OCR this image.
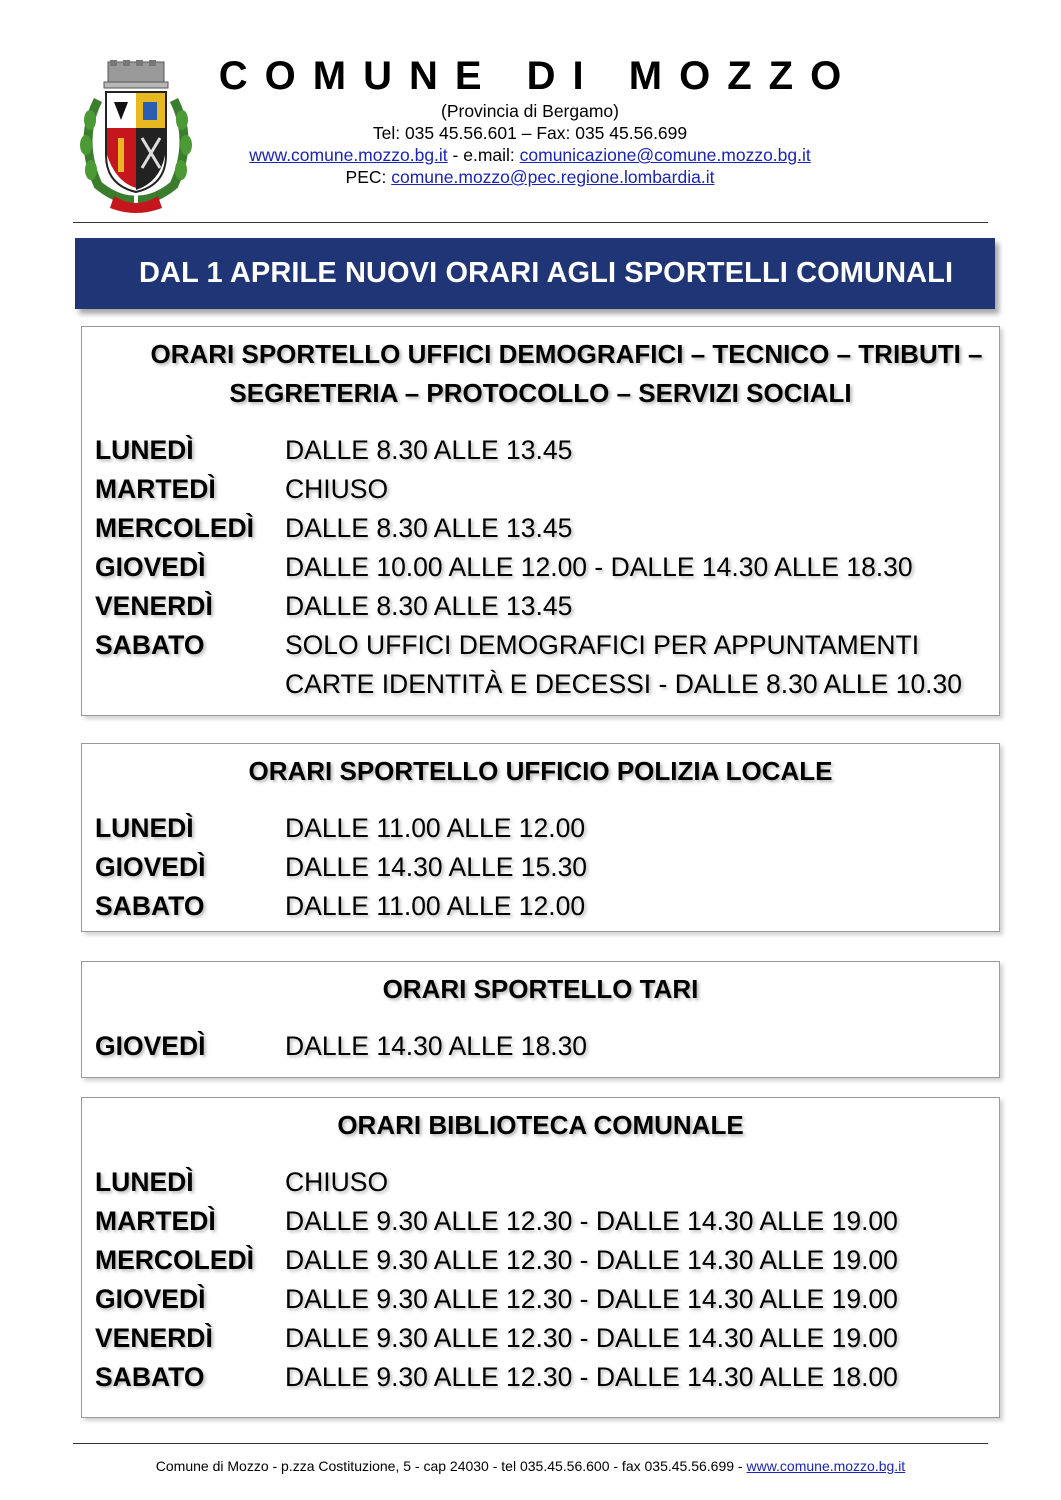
COMUNE DI MOZZO
(Provincia di Bergamo)
Tel: 035 45.56.601 – Fax: 035 45.56.699
www.comune.mozzo.bg.it - e.mail: comunicazione@comune.mozzo.bg.it
PEC: comune.mozzo@pec.regione.lombardia.it
DAL 1 APRILE NUOVI ORARI AGLI SPORTELLI COMUNALI
ORARI SPORTELLO UFFICI DEMOGRAFICI – TECNICO – TRIBUTI –
SEGRETERIA – PROTOCOLLO – SERVIZI SOCIALI
LUNEDÌ	DALLE 8.30 ALLE 13.45
MARTEDÌ	CHIUSO
MERCOLEDÌ DALLE 8.30 ALLE 13.45
GIOVEDÌ	DALLE 10.00 ALLE 12.00 - DALLE 14.30 ALLE 18.30
VENERDÌ	DALLE 8.30 ALLE 13.45
SABATO	SOLO UFFICI DEMOGRAFICI PER APPUNTAMENTI
CARTE IDENTITÀ E DECESSI - DALLE 8.30 ALLE 10.30
ORARI SPORTELLO UFFICIO POLIZIA LOCALE
LUNEDÌ	DALLE 11.00 ALLE 12.00
GIOVEDÌ	DALLE 14.30 ALLE 15.30
SABATO	DALLE 11.00 ALLE 12.00
ORARI SPORTELLO TARI
GIOVEDÌ	DALLE 14.30 ALLE 18.30
ORARI BIBLIOTECA COMUNALE
LUNEDÌ	CHIUSO
MARTEDÌ	DALLE 9.30 ALLE 12.30 - DALLE 14.30 ALLE 19.00
MERCOLEDÌ DALLE 9.30 ALLE 12.30 - DALLE 14.30 ALLE 19.00
GIOVEDÌ	DALLE 9.30 ALLE 12.30 - DALLE 14.30 ALLE 19.00
VENERDÌ	DALLE 9.30 ALLE 12.30 - DALLE 14.30 ALLE 19.00
SABATO	DALLE 9.30 ALLE 12.30 - DALLE 14.30 ALLE 18.00
Comune di Mozzo - p.zza Costituzione, 5 - cap 24030 - tel 035.45.56.600 - fax 035.45.56.699 - www.comune.mozzo.bg.it
